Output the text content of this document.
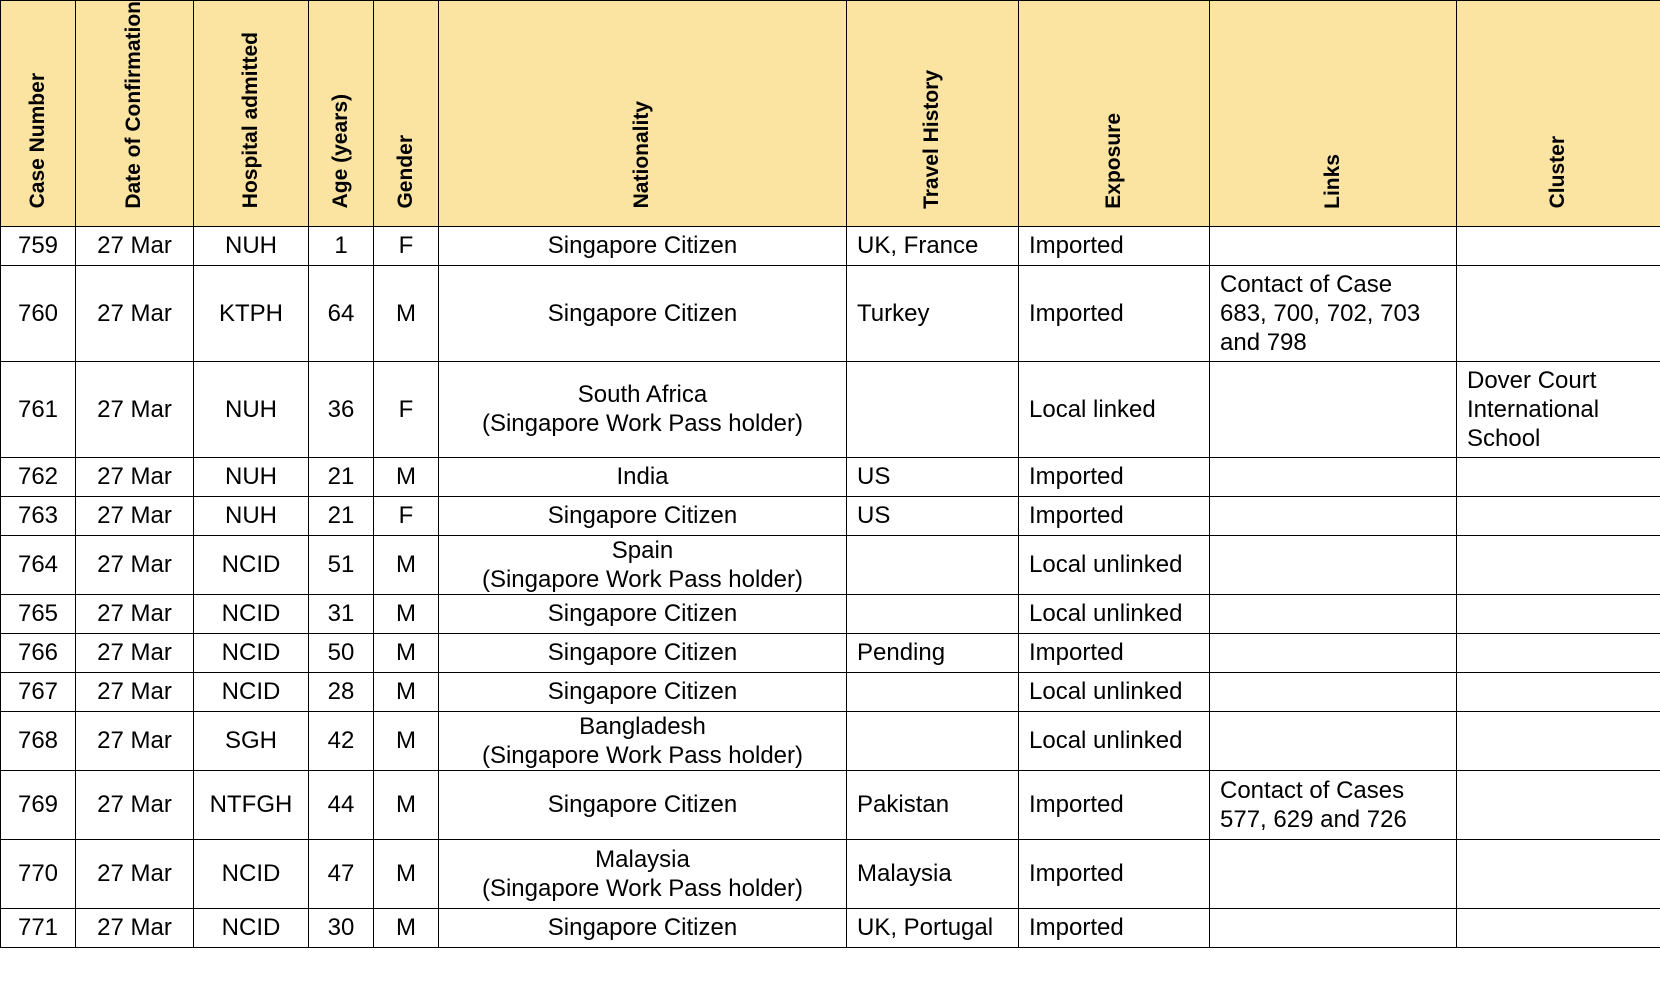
Case Number	Date of Confirmation	Hospital admitted	Age (years)	Gender	Nationality	Travel History	Exposure	Links	Cluster
759	27 Mar	NUH	1	F	Singapore Citizen	UK, France	Imported		
760	27 Mar	KTPH	64	M	Singapore Citizen	Turkey	Imported	Contact of Case
683, 700, 702, 703
and 798	
761	27 Mar	NUH	36	F	South Africa
(Singapore Work Pass holder)		Local linked		Dover Court
International
School
762	27 Mar	NUH	21	M	India	US	Imported		
763	27 Mar	NUH	21	F	Singapore Citizen	US	Imported		
764	27 Mar	NCID	51	M	Spain
(Singapore Work Pass holder)		Local unlinked		
765	27 Mar	NCID	31	M	Singapore Citizen		Local unlinked		
766	27 Mar	NCID	50	M	Singapore Citizen	Pending	Imported		
767	27 Mar	NCID	28	M	Singapore Citizen		Local unlinked		
768	27 Mar	SGH	42	M	Bangladesh
(Singapore Work Pass holder)		Local unlinked		
769	27 Mar	NTFGH	44	M	Singapore Citizen	Pakistan	Imported	Contact of Cases
577, 629 and 726	
770	27 Mar	NCID	47	M	Malaysia
(Singapore Work Pass holder)	Malaysia	Imported		
771	27 Mar	NCID	30	M	Singapore Citizen	UK, Portugal	Imported		
